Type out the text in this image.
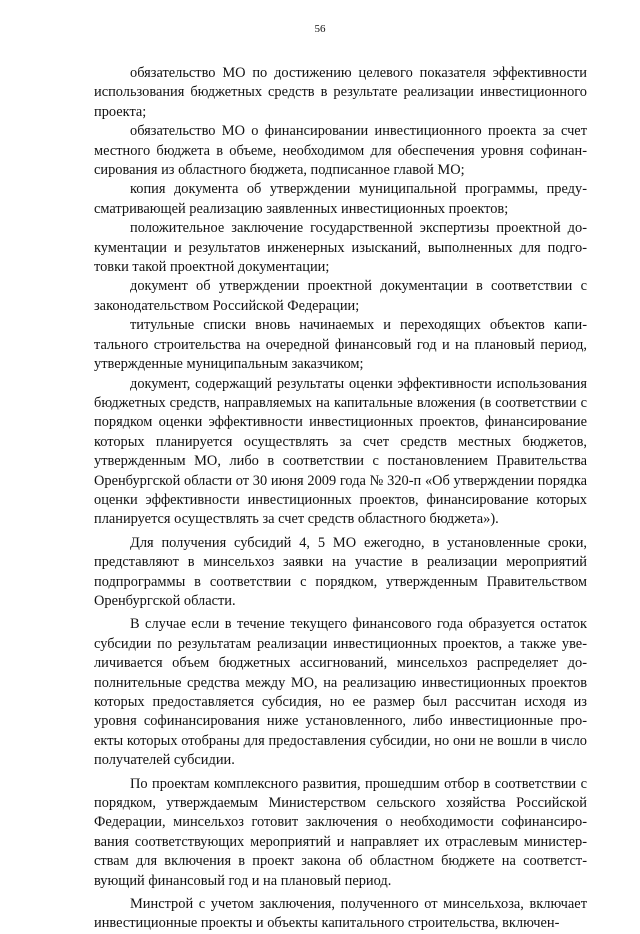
56

обязательство МО по достижению целевого показателя эффективности использования бюджетных средств в результате реализации инвестиционного проекта;

обязательство МО о финансировании инвестиционного проекта за счет местного бюджета в объеме, необходимом для обеспечения уровня софинансирования из областного бюджета, подписанное главой МО;

копия документа об утверждении муниципальной программы, предусматривающей реализацию заявленных инвестиционных проектов;

положительное заключение государственной экспертизы проектной документации и результатов инженерных изысканий, выполненных для подготовки такой проектной документации;

документ об утверждении проектной документации в соответствии с законодательством Российской Федерации;

титульные списки вновь начинаемых и переходящих объектов капитального строительства на очередной финансовый год и на плановый период, утвержденные муниципальным заказчиком;

документ, содержащий результаты оценки эффективности использования бюджетных средств, направляемых на капитальные вложения (в соответствии с порядком оценки эффективности инвестиционных проектов, финансирование которых планируется осуществлять за счет средств местных бюджетов, утвержденным МО, либо в соответствии с постановлением Правительства Оренбургской области от 30 июня 2009 года № 320-п «Об утверждении порядка оценки эффективности инвестиционных проектов, финансирование которых планируется осуществлять за счет средств областного бюджета»).

Для получения субсидий 4, 5 МО ежегодно, в установленные сроки, представляют в минсельхоз заявки на участие в реализации мероприятий подпрограммы в соответствии с порядком, утвержденным Правительством Оренбургской области.

В случае если в течение текущего финансового года образуется остаток субсидии по результатам реализации инвестиционных проектов, а также увеличивается объем бюджетных ассигнований, минсельхоз распределяет дополнительные средства между МО, на реализацию инвестиционных проектов которых предоставляется субсидия, но ее размер был рассчитан исходя из уровня софинансирования ниже установленного, либо инвестиционные проекты которых отобраны для предоставления субсидии, но они не вошли в число получателей субсидии.

По проектам комплексного развития, прошедшим отбор в соответствии с порядком, утверждаемым Министерством сельского хозяйства Российской Федерации, минсельхоз готовит заключения о необходимости софинансирования соответствующих мероприятий и направляет их отраслевым министерствам для включения в проект закона об областном бюджете на соответствующий финансовый год и на плановый период.

Минстрой с учетом заключения, полученного от минсельхоза, включает инвестиционные проекты и объекты капитального строительства, включен-
